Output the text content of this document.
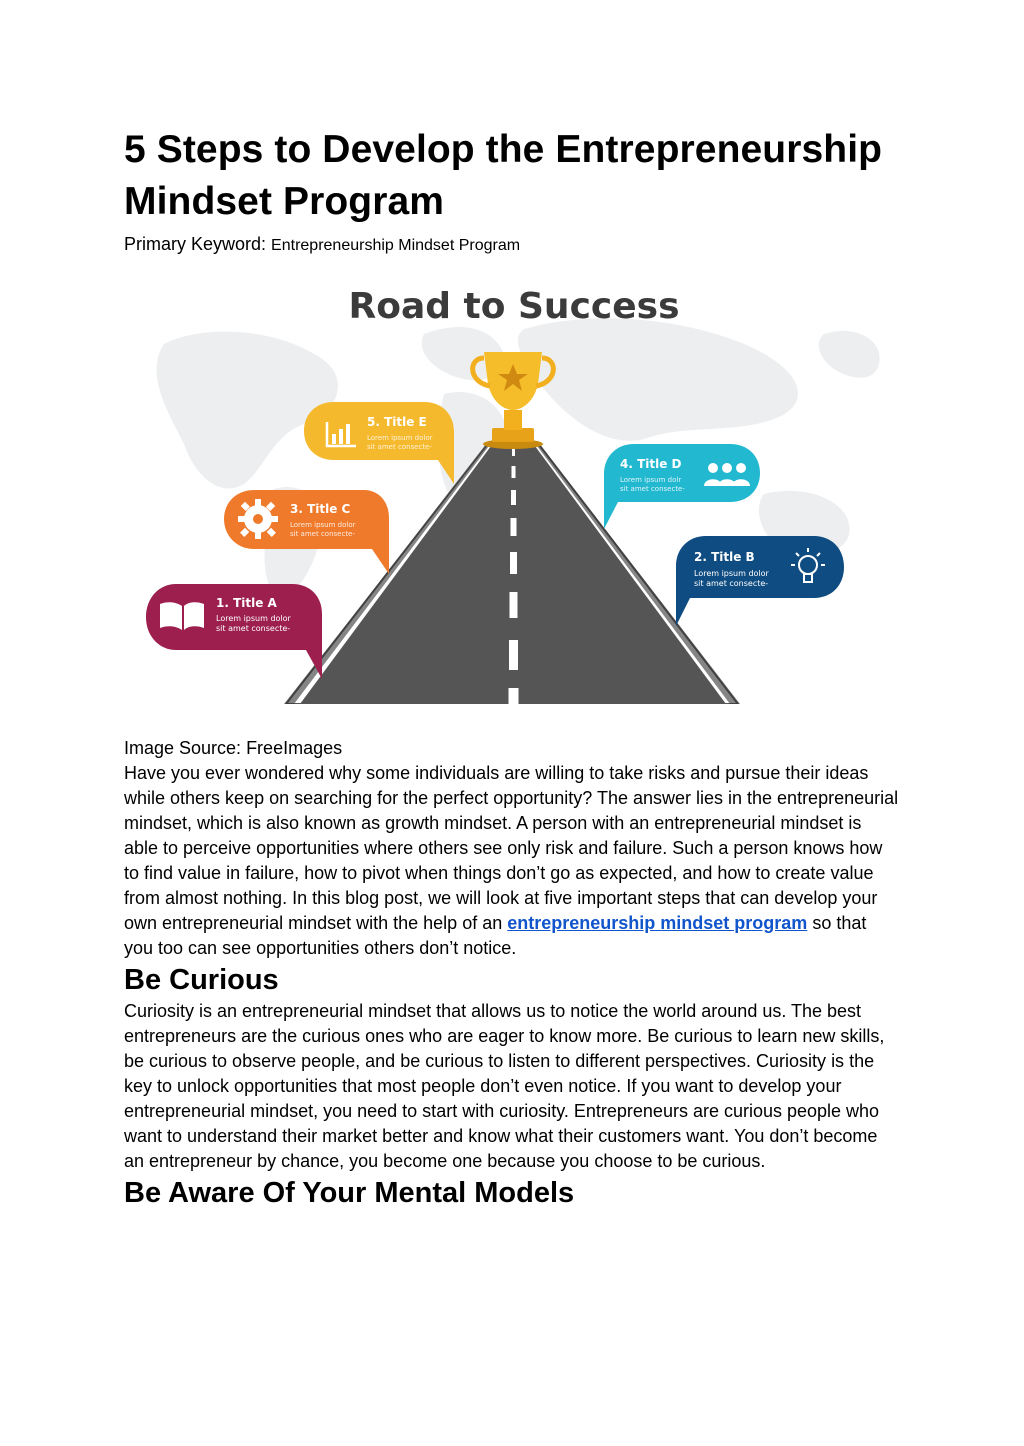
5 Steps to Develop the Entrepreneurship Mindset Program
Primary Keyword: Entrepreneurship Mindset Program
Road to Success
5. Title E
Lorem ipsum dolor
sit amet consecte-
3. Title C
Lorem ipsum dolor
sit amet consecte-
1. Title A
Lorem ipsum dolor
sit amet consecte-
4. Title D
Lorem ipsum dolr
sit amet consecte-
2. Title B
Lorem ipsum dolor
sit amet consecte-
Image Source: FreeImages

Have you ever wondered why some individuals are willing to take risks and pursue their ideas while others keep on searching for the perfect opportunity? The answer lies in the entrepreneurial mindset, which is also known as growth mindset. A person with an entrepreneurial mindset is able to perceive opportunities where others see only risk and failure. Such a person knows how to find value in failure, how to pivot when things don’t go as expected, and how to create value from almost nothing. In this blog post, we will look at five important steps that can develop your own entrepreneurial mindset with the help of an entrepreneurship mindset program so that you too can see opportunities others don’t notice.

Be Curious

Curiosity is an entrepreneurial mindset that allows us to notice the world around us. The best entrepreneurs are the curious ones who are eager to know more. Be curious to learn new skills, be curious to observe people, and be curious to listen to different perspectives. Curiosity is the key to unlock opportunities that most people don’t even notice. If you want to develop your entrepreneurial mindset, you need to start with curiosity. Entrepreneurs are curious people who want to understand their market better and know what their customers want. You don’t become an entrepreneur by chance, you become one because you choose to be curious.

Be Aware Of Your Mental Models
